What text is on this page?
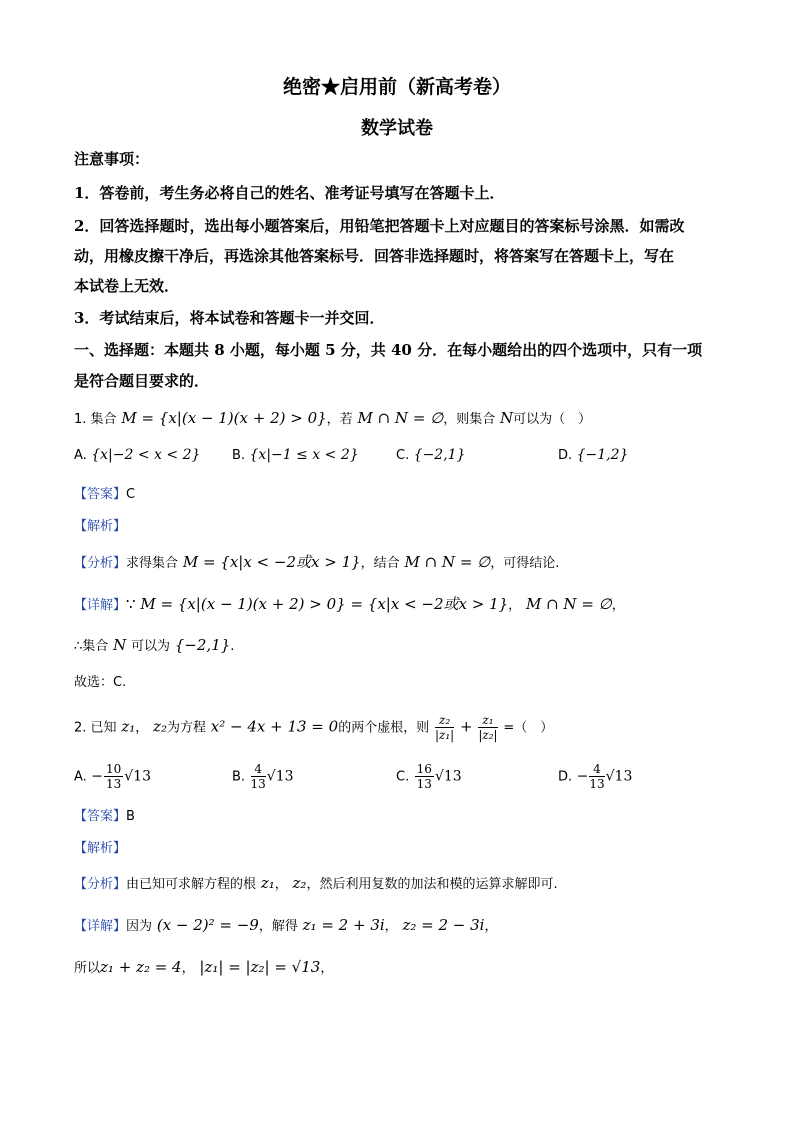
绝密★启用前（新高考卷）
数学试卷
注意事项：
1．答卷前，考生务必将自己的姓名、准考证号填写在答题卡上．
2．回答选择题时，选出每小题答案后，用铅笔把答题卡上对应题目的答案标号涂黑．如需改
动，用橡皮擦干净后，再选涂其他答案标号．回答非选择题时，将答案写在答题卡上，写在
本试卷上无效．
3．考试结束后，将本试卷和答题卡一并交回．
一、选择题：本题共 8 小题，每小题 5 分，共 40 分．在每小题给出的四个选项中，只有一项
是符合题目要求的．
1. 集合 M = {x|(x − 1)(x + 2) > 0}，若 M ∩ N = ∅，则集合 N可以为（　）
A. {x|−2 < x < 2} B. {x|−1 ≤ x < 2}	C. {−2,1}	D. {−1,2}
【答案】C
【解析】
【分析】求得集合 M = {x|x < −2或x > 1}，结合 M ∩ N = ∅，可得结论.
【详解】∵ M = {x|(x − 1)(x + 2) > 0} = {x|x < −2或x > 1}， M ∩ N = ∅，
∴集合 N 可以为 {−2,1}.
故选：C.
2. 已知 z₁， z₂为方程 x² − 4x + 13 = 0的两个虚根，则 $\frac{\text{z₂}}{\text{|z₁|}} + \frac{\text{z₁}}{\text{|z₂|}}$ =（　）
A. − $\frac{10}{13} √13$	B. $\frac{4}{13} √13$	C. $\frac{16}{13} √13$	D. − $\frac{4}{13} √13$
【答案】B
【解析】
【分析】由已知可求解方程的根 z₁， z₂，然后利用复数的加法和模的运算求解即可.
【详解】因为 (x − 2)² = −9，解得 z₁ = 2 + 3i， z₂ = 2 − 3i，
所以z₁ + z₂ = 4， |z₁| = |z₂| = √13，
